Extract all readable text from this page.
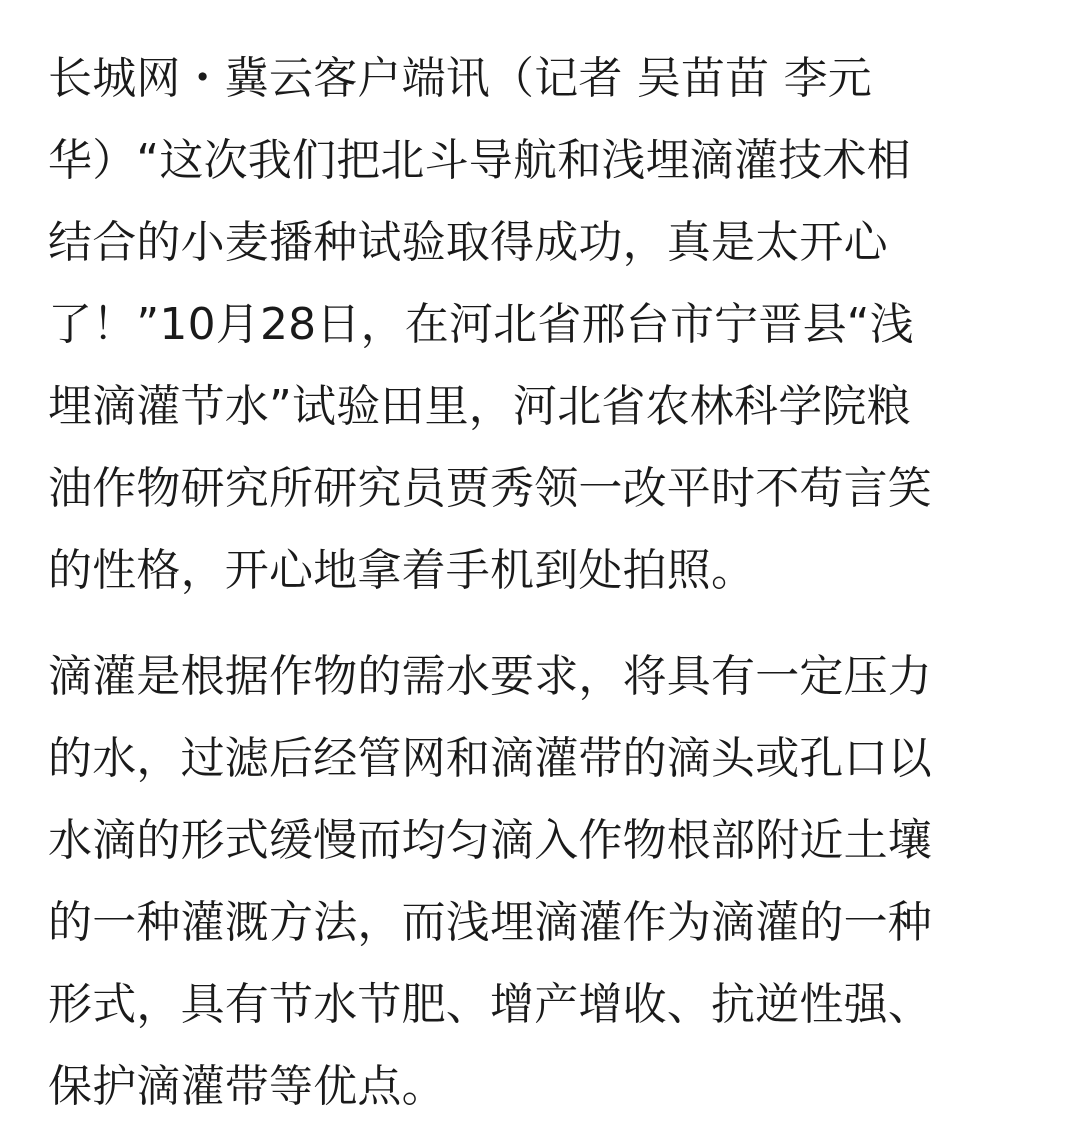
长城网・冀云客户端讯（记者 吴苗苗 李元
华）“这次我们把北斗导航和浅埋滴灌技术相
结合的小麦播种试验取得成功，真是太开心
了！”10月28日，在河北省邢台市宁晋县“浅
埋滴灌节水”试验田里，河北省农林科学院粮
油作物研究所研究员贾秀领一改平时不苟言笑
的性格，开心地拿着手机到处拍照。

滴灌是根据作物的需水要求，将具有一定压力
的水，过滤后经管网和滴灌带的滴头或孔口以
水滴的形式缓慢而均匀滴入作物根部附近土壤
的一种灌溉方法，而浅埋滴灌作为滴灌的一种
形式，具有节水节肥、增产增收、抗逆性强、
保护滴灌带等优点。
